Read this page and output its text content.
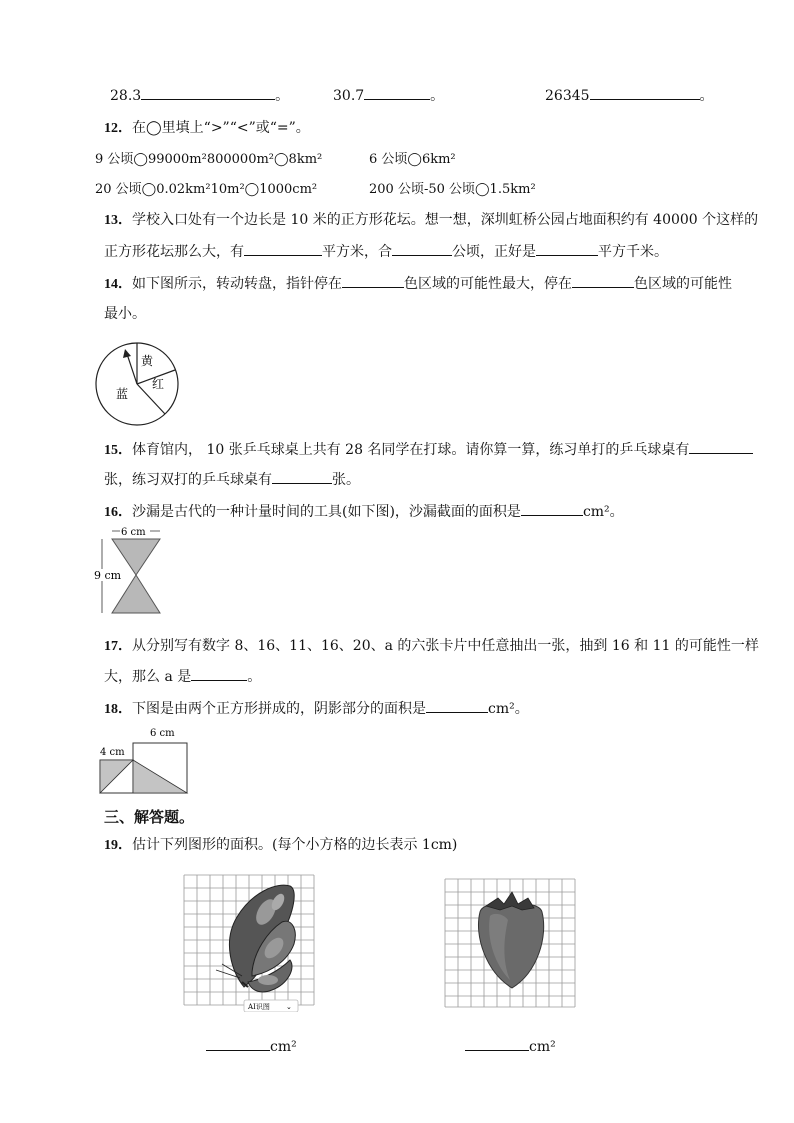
28.3	。	30.7	。	26345	。
12．在◯里填上“>”“<”或“=”。
9 公顷◯99000m²800000m²◯8km²	6 公顷◯6km²
20 公顷◯0.02km²10m²◯1000cm²	200 公顷-50 公顷◯1.5km²
13．学校入口处有一个边长是 10 米的正方形花坛。想一想，深圳虹桥公园占地面积约有 40000 个这样的
正方形花坛那么大，有	平方米，合	公顷，正好是	平方千米。
14．如下图所示，转动转盘，指针停在	色区域的可能性最大，停在	色区域的可能性
最小。
黄
红
蓝
15．体育馆内， 10 张乒乓球桌上共有 28 名同学在打球。请你算一算，练习单打的乒乓球桌有
张，练习双打的乒乓球桌有	张。
16．沙漏是古代的一种计量时间的工具(如下图)，沙漏截面的面积是	cm²。
6 cm
9 cm
17．从分别写有数字 8、16、11、16、20、a 的六张卡片中任意抽出一张，抽到 16 和 11 的可能性一样
大，那么 a 是	。
18．下图是由两个正方形拼成的，阴影部分的面积是	cm²。
6 cm
4 cm
三、解答题。
19．估计下列图形的面积。(每个小方格的边长表示 1cm)
AI识图 ⌄
cm²	cm²
